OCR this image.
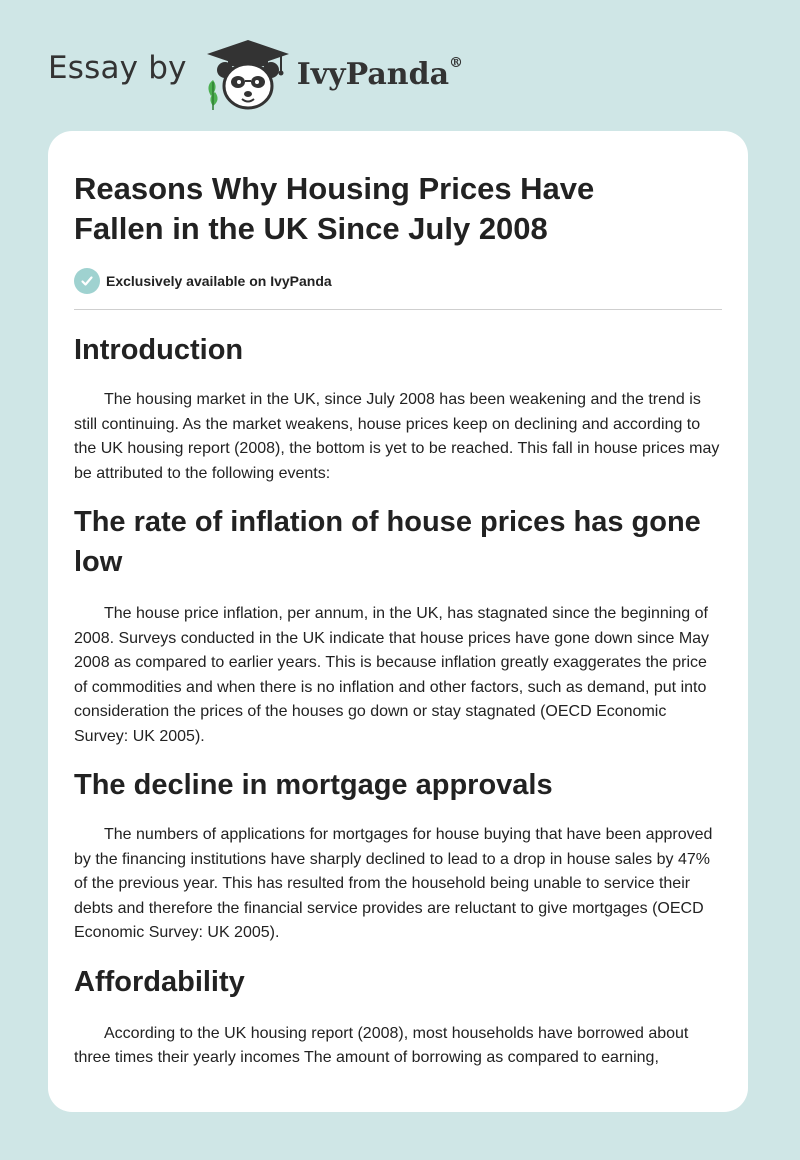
Essay by	IvyPanda®
Reasons Why Housing Prices Have Fallen in the UK Since July 2008
Exclusively available on IvyPanda
Introduction

The housing market in the UK, since July 2008 has been weakening and the trend is still continuing. As the market weakens, house prices keep on declining and according to the UK housing report (2008), the bottom is yet to be reached. This fall in house prices may be attributed to the following events:

The rate of inflation of house prices has gone low

The house price inflation, per annum, in the UK, has stagnated since the beginning of 2008. Surveys conducted in the UK indicate that house prices have gone down since May 2008 as compared to earlier years. This is because inflation greatly exaggerates the price of commodities and when there is no inflation and other factors, such as demand, put into consideration the prices of the houses go down or stay stagnated (OECD Economic Survey: UK 2005).

The decline in mortgage approvals

The numbers of applications for mortgages for house buying that have been approved by the financing institutions have sharply declined to lead to a drop in house sales by 47% of the previous year. This has resulted from the household being unable to service their debts and therefore the financial service provides are reluctant to give mortgages (OECD Economic Survey: UK 2005).

Affordability

According to the UK housing report (2008), most households have borrowed about three times their yearly incomes The amount of borrowing as compared to earning,
